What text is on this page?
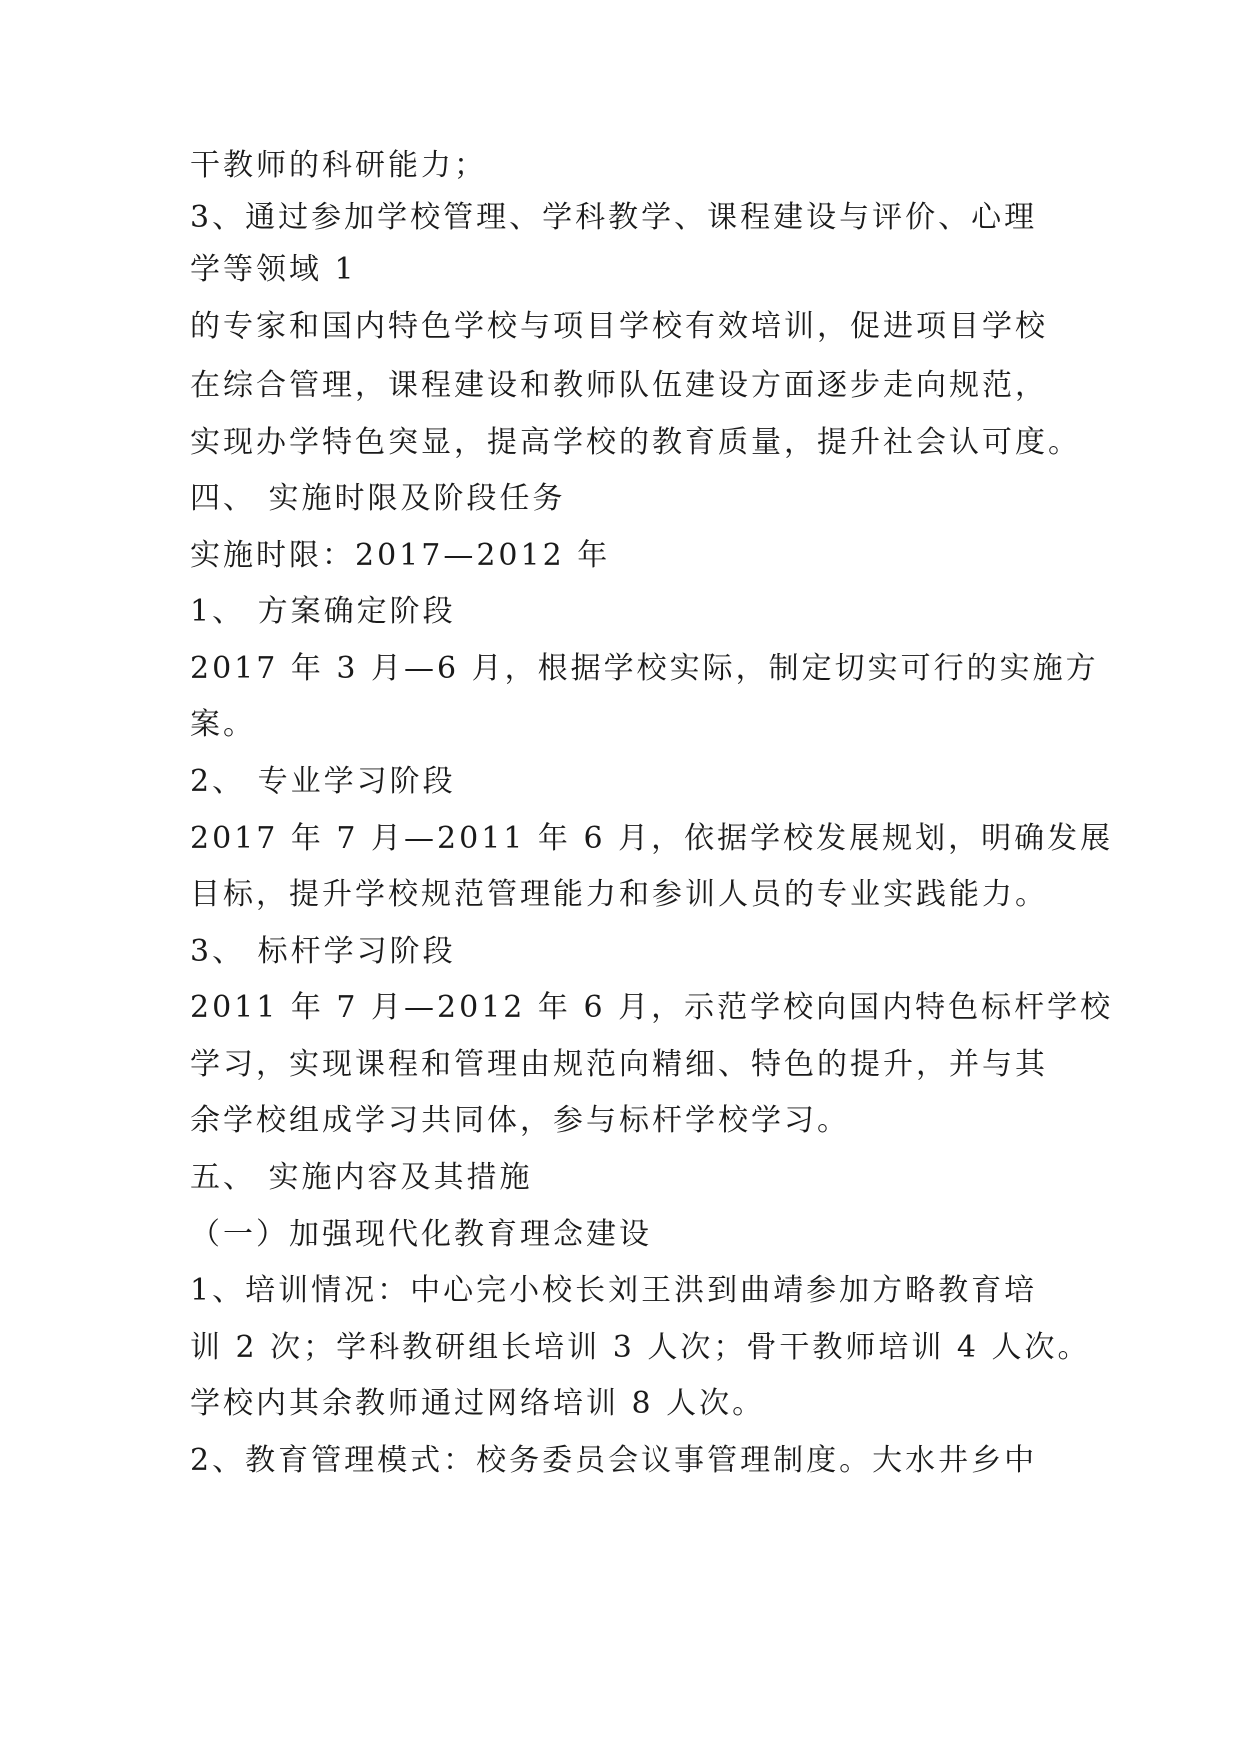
干教师的科研能力；

3、通过参加学校管理、学科教学、课程建设与评价、心理

学等领域 1

的专家和国内特色学校与项目学校有效培训，促进项目学校

在综合管理，课程建设和教师队伍建设方面逐步走向规范，

实现办学特色突显，提高学校的教育质量，提升社会认可度。

四、 实施时限及阶段任务

实施时限：2017—2012 年

1、 方案确定阶段

2017 年 3 月—6 月，根据学校实际，制定切实可行的实施方

案。

2、 专业学习阶段

2017 年 7 月—2011 年 6 月，依据学校发展规划，明确发展

目标，提升学校规范管理能力和参训人员的专业实践能力。

3、 标杆学习阶段

2011 年 7 月—2012 年 6 月，示范学校向国内特色标杆学校

学习，实现课程和管理由规范向精细、特色的提升，并与其

余学校组成学习共同体，参与标杆学校学习。

五、 实施内容及其措施

（一）加强现代化教育理念建设

1、培训情况：中心完小校长刘王洪到曲靖参加方略教育培

训 2 次；学科教研组长培训 3 人次；骨干教师培训 4 人次。

学校内其余教师通过网络培训 8 人次。

2、教育管理模式：校务委员会议事管理制度。大水井乡中
